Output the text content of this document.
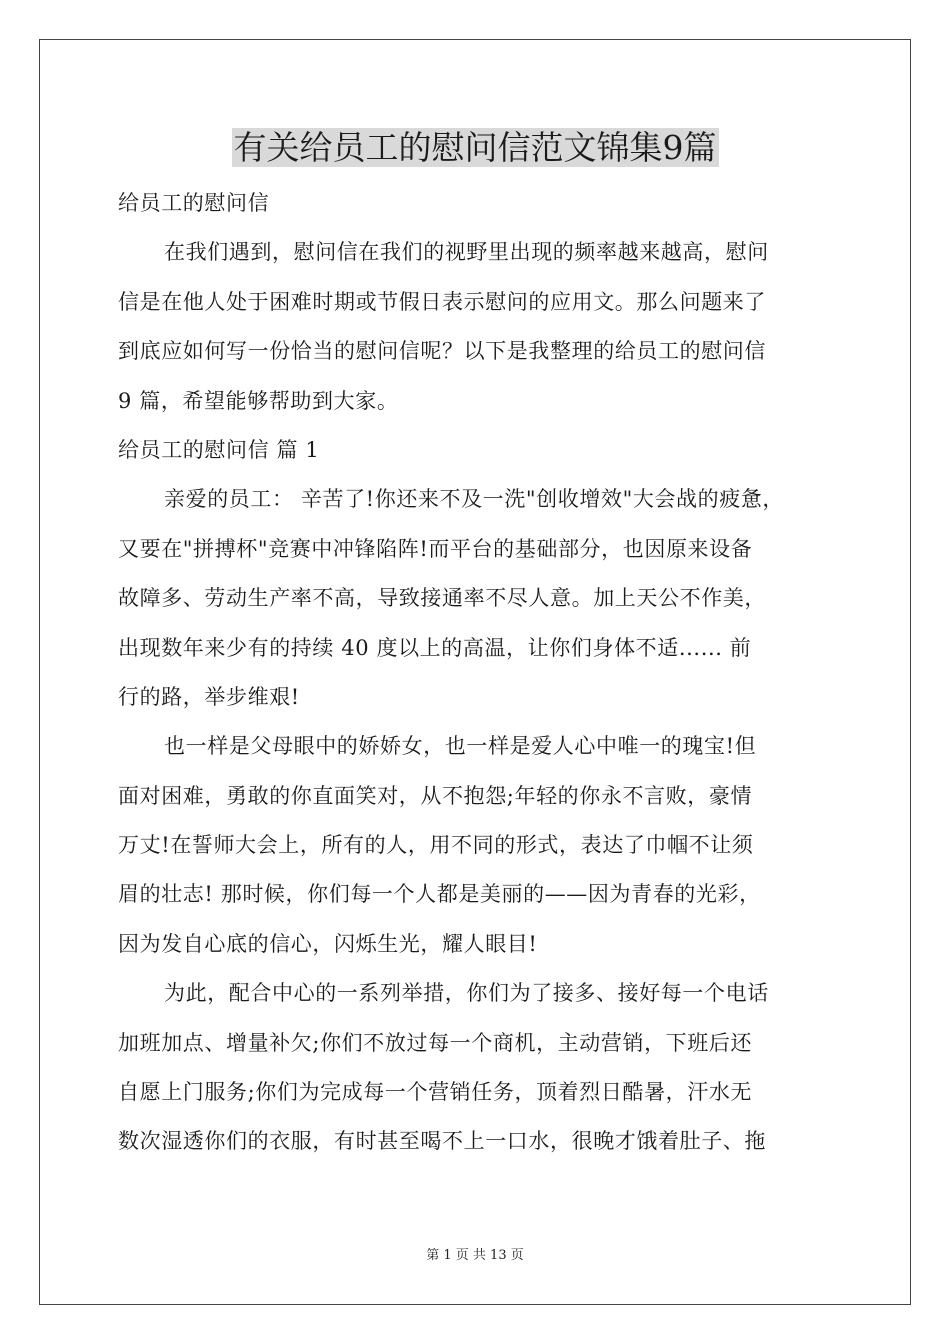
有关给员工的慰问信范文锦集9篇
给员工的慰问信
在我们遇到，慰问信在我们的视野里出现的频率越来越高，慰问
信是在他人处于困难时期或节假日表示慰问的应用文。那么问题来了
到底应如何写一份恰当的慰问信呢？以下是我整理的给员工的慰问信
9 篇，希望能够帮助到大家。
给员工的慰问信 篇 1
亲爱的员工： 辛苦了!你还来不及一洗"创收增效"大会战的疲惫，
又要在"拼搏杯"竞赛中冲锋陷阵!而平台的基础部分，也因原来设备
故障多、劳动生产率不高，导致接通率不尽人意。加上天公不作美，
出现数年来少有的持续 40 度以上的高温，让你们身体不适...... 前
行的路，举步维艰!
也一样是父母眼中的娇娇女，也一样是爱人心中唯一的瑰宝!但
面对困难，勇敢的你直面笑对，从不抱怨;年轻的你永不言败，豪情
万丈!在誓师大会上，所有的人，用不同的形式，表达了巾帼不让须
眉的壮志! 那时候，你们每一个人都是美丽的——因为青春的光彩，
因为发自心底的信心，闪烁生光，耀人眼目!
为此，配合中心的一系列举措，你们为了接多、接好每一个电话
加班加点、增量补欠;你们不放过每一个商机，主动营销，下班后还
自愿上门服务;你们为完成每一个营销任务，顶着烈日酷暑，汗水无
数次湿透你们的衣服，有时甚至喝不上一口水，很晚才饿着肚子、拖
第 1 页 共 13 页
